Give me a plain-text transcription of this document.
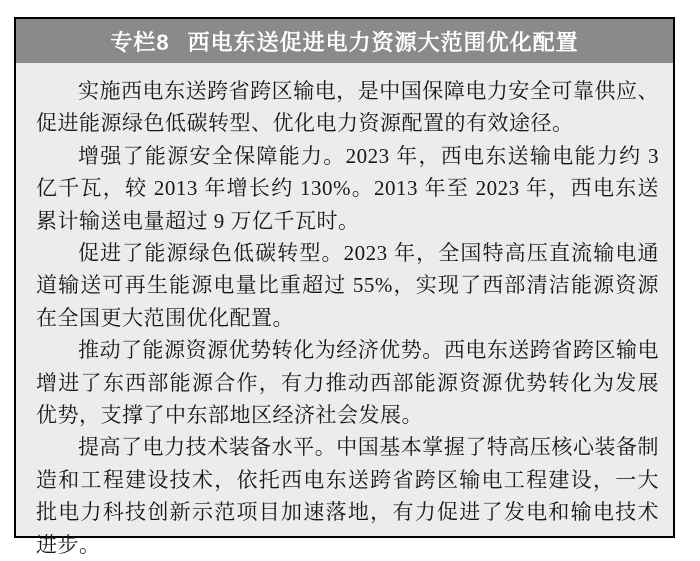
专栏8 西电东送促进电力资源大范围优化配置

实施西电东送跨省跨区输电，是中国保障电力安全可靠供应、促进能源绿色低碳转型、优化电力资源配置的有效途径。

增强了能源安全保障能力。2023 年，西电东送输电能力约 3 亿千瓦，较 2013 年增长约 130%。2013 年至 2023 年，西电东送累计输送电量超过 9 万亿千瓦时。

促进了能源绿色低碳转型。2023 年，全国特高压直流输电通道输送可再生能源电量比重超过 55%，实现了西部清洁能源资源在全国更大范围优化配置。

推动了能源资源优势转化为经济优势。西电东送跨省跨区输电增进了东西部能源合作，有力推动西部能源资源优势转化为发展优势，支撑了中东部地区经济社会发展。

提高了电力技术装备水平。中国基本掌握了特高压核心装备制造和工程建设技术，依托西电东送跨省跨区输电工程建设，一大批电力科技创新示范项目加速落地，有力促进了发电和输电技术进步。
